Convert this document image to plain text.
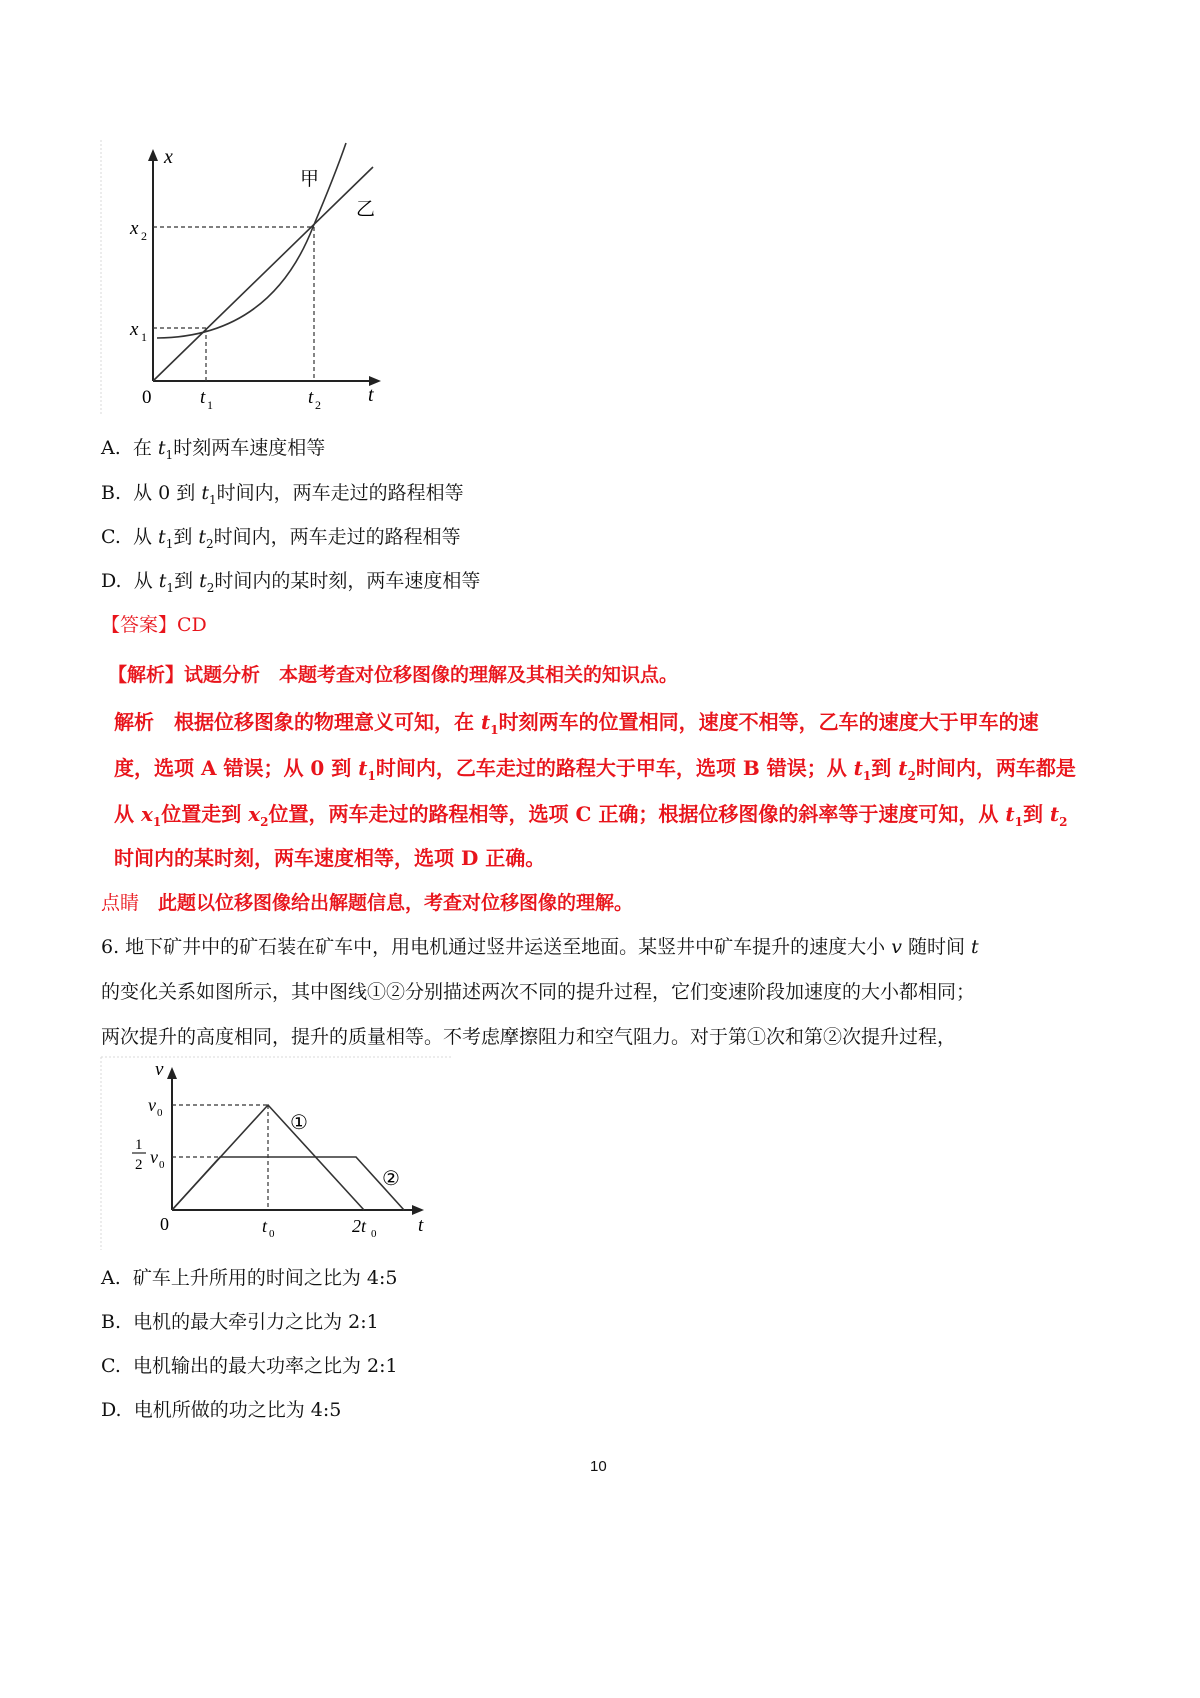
x
t
0
x 1
x 2
t 1	t 2
甲
乙
A. 在 $t_1$时刻两车速度相等
B. 从 0 到 $t_1$时间内，两车走过的路程相等
C. 从 $t_1$到 $t_2$时间内，两车走过的路程相等
D. 从 $t_1$到 $t_2$时间内的某时刻，两车速度相等
【答案】CD
【解析】试题分析　本题考查对位移图像的理解及其相关的知识点。
解析　根据位移图象的物理意义可知，在 $t_1$时刻两车的位置相同，速度不相等，乙车的速度大于甲车的速
度，选项 A 错误；从 0 到 $t_1$时间内，乙车走过的路程大于甲车，选项 B 错误；从 $t_1$到 $t_2$时间内，两车都是
从 $x_1$位置走到 $x_2$位置，两车走过的路程相等，选项 C 正确；根据位移图像的斜率等于速度可知，从 $t_1$到 $t_2$
时间内的某时刻，两车速度相等，选项 D 正确。
点睛　此题以位移图像给出解题信息，考查对位移图像的理解。
6. 地下矿井中的矿石装在矿车中，用电机通过竖井运送至地面。某竖井中矿车提升的速度大小 v 随时间 t
的变化关系如图所示，其中图线①②分别描述两次不同的提升过程，它们变速阶段加速度的大小都相同；
两次提升的高度相同，提升的质量相等。不考虑摩擦阻力和空气阻力。对于第①次和第②次提升过程，
v
t
0
v 0
1
2 v 0
t 0	2t 0
①
②
A. 矿车上升所用的时间之比为 4:5
B. 电机的最大牵引力之比为 2:1
C. 电机输出的最大功率之比为 2:1
D. 电机所做的功之比为 4:5
10
